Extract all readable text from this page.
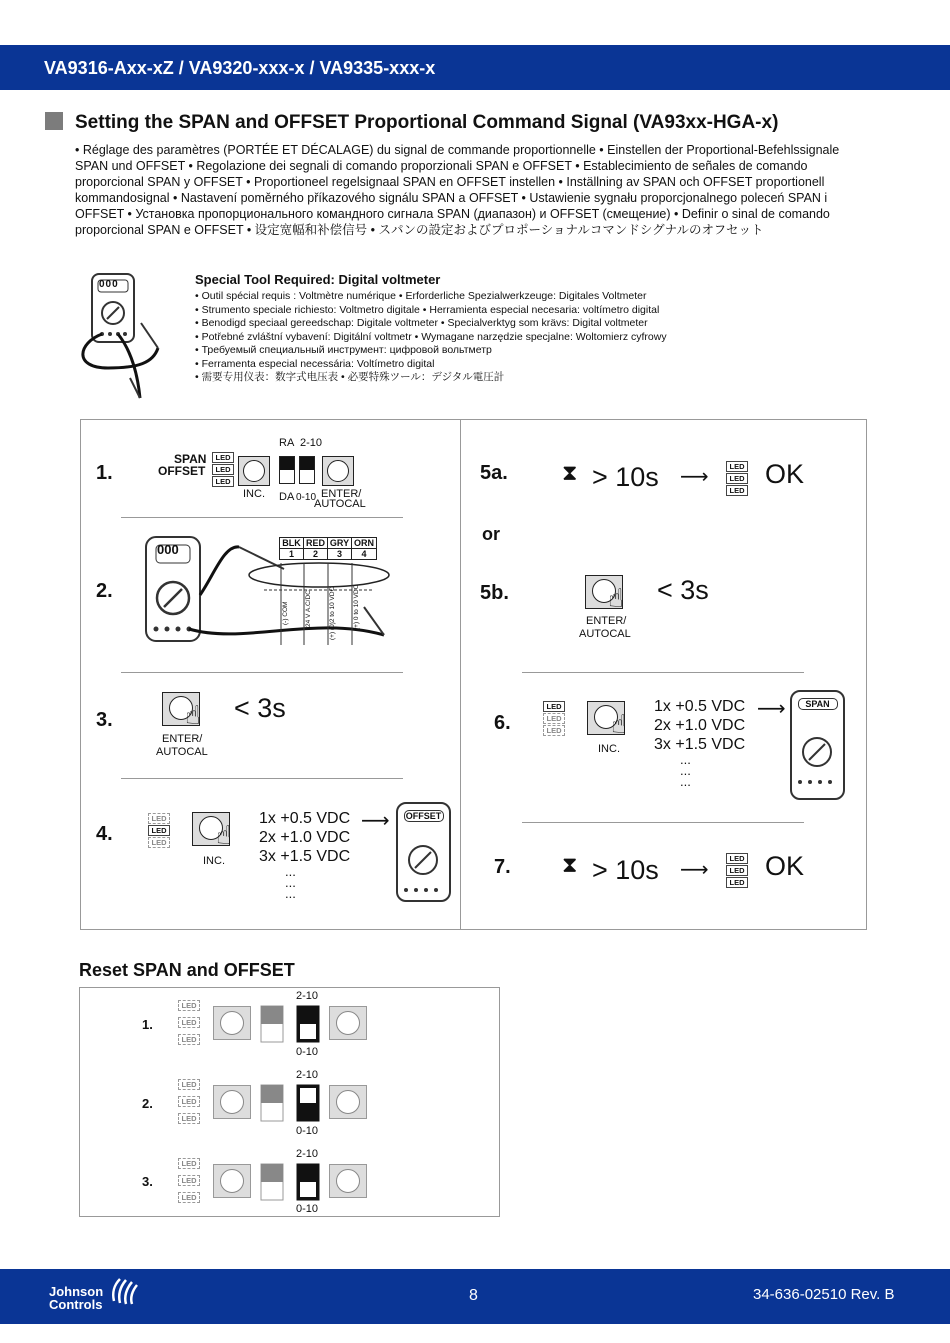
VA9316-Axx-xZ / VA9320-xxx-x / VA9335-xxx-x
Setting the SPAN and OFFSET Proportional Command Signal (VA93xx-HGA-x)
• Réglage des paramètres (PORTÉE ET DÉCALAGE) du signal de commande proportionnelle • Einstellen der Proportional-Befehlssignale
SPAN und OFFSET • Regolazione dei segnali di comando proporzionali SPAN e OFFSET • Establecimiento de señales de comando
proporcional SPAN y OFFSET • Proportioneel regelsignaal SPAN en OFFSET instellen • Inställning av SPAN och OFFSET proportionell
kommandosignal • Nastavení poměrného příkazového signálu SPAN a OFFSET • Ustawienie sygnału proporcjonalnego poleceń SPAN i
OFFSET • Установка пропорционального командного сигнала SPAN (диапазон) и OFFSET (смещение) • Definir o sinal de comando
proporcional SPAN e OFFSET • 设定宽幅和补偿信号 • スパンの設定およびプロポーショナルコマンドシグナルのオフセット
000	Special Tool Required: Digital voltmeter
• Outil spécial requis : Voltmètre numérique • Erforderliche Spezialwerkzeuge: Digitales Voltmeter
• Strumento speciale richiesto: Voltmetro digitale • Herramienta especial necesaria: voltímetro digital
• Benodigd speciaal gereedschap: Digitale voltmeter • Specialverktyg som krävs: Digital voltmeter
• Potřebné zvláštní vybavení: Digitální voltmetr • Wymagane narzędzie specjalne: Woltomierz cyfrowy
• Требуемый специальный инструмент: цифровой вольтметр
• Ferramenta especial necessária: Voltímetro digital
• 需要专用仪表：数字式电压表 • 必要特殊ツール：デジタル電圧計
1.
SPAN
OFFSET
LED
LED
LED
INC.
RA 2-10
DA 0-10 ENTER/
AUTOCAL
2.
BLK RED GRY ORN
1	2	3	4
000
(-) COM 24 V A.C/DC	(+) (0)2 to 10 VDC	(+) 0 to 10 VDC
3.	☝ < 3s
ENTER/
AUTOCAL
4.
LED
LED
LED ☝
INC.
1x +0.5 VDC
2x +1.0 VDC
3x +1.5 VDC
...
...
...
⟶ OFFSET
5a. ⧗ > 10s ⟶	LED
LED
LED
OK
or
5b.	☝ < 3s
ENTER/
AUTOCAL
6.
LED
LED
LED ☝
INC.
1x +0.5 VDC
2x +1.0 VDC
3x +1.5 VDC
...
...
...
⟶	SPAN
7. ⧗ > 10s ⟶
LED
LED
LED
OK
Reset SPAN and OFFSET
1.
LED
LED
LED
2-10
0-10
2.
LED
LED
LED
2-10
0-10
3.
LED
LED
LED
2-10
0-10
Johnson
Controls
8	34-636-02510 Rev. B
